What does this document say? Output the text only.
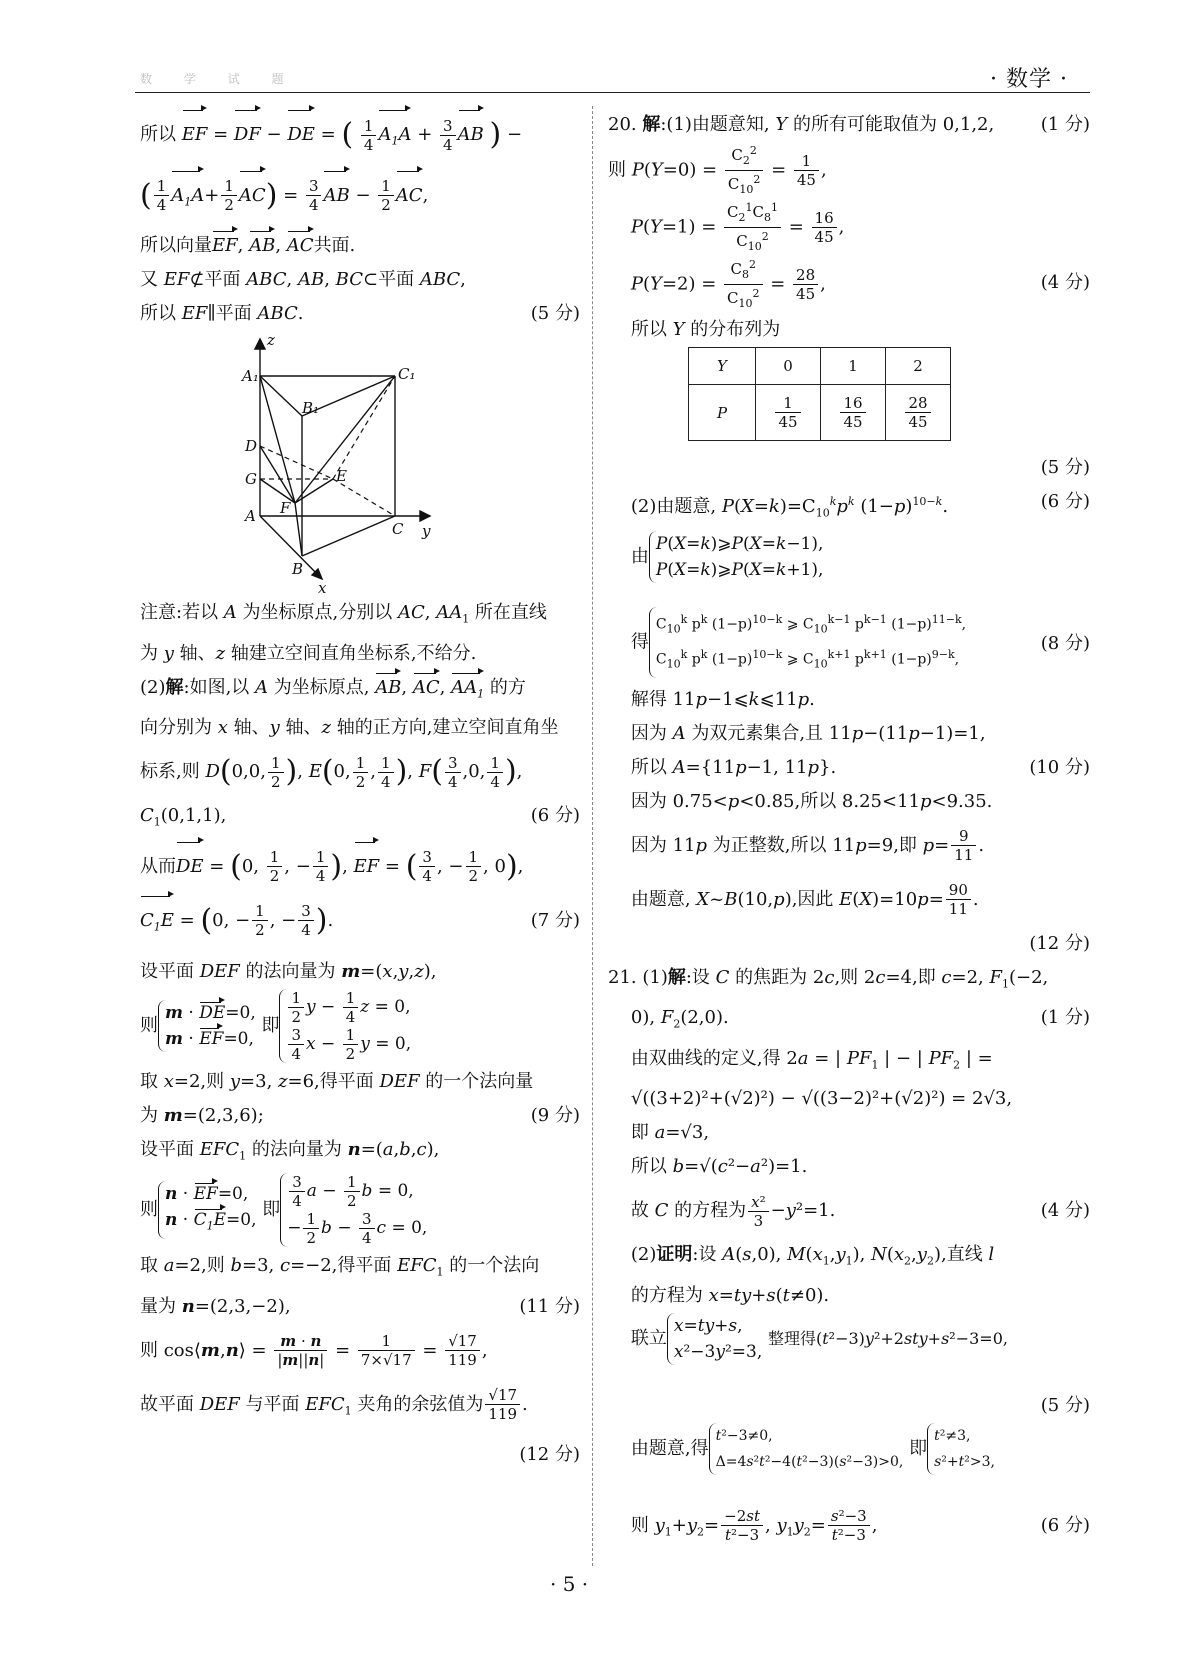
数 学 试 题	· 数学 ·
所以 EF = DF − DE = ( $\frac{1}{4} A_1A + \frac{3}{4}$ AB ) −
( $\frac{1}{4} A_1A+ \frac{1}{2} AC) = \frac{3}{4}$ AB − $\frac{1}{2}$ AC,
所以向量EF, AB, AC共面.
又 EF⊄平面 ABC, AB, BC⊂平面 ABC,
所以 EF∥平面 ABC.	(5 分)
z
A₁	C₁
B₁
D
G	E
F
A
C y
B
x
注意:若以 A 为坐标原点,分别以 AC, $AA_1$ 所在直线
为 y 轴、z 轴建立空间直角坐标系,不给分.
(2)解:如图,以 A 为坐标原点, AB, AC, $AA_1$ 的方
向分别为 x 轴、y 轴、z 轴的正方向,建立空间直角坐
标系,则 D(0,0, $\frac{1}{2}$ ), E(0, $\frac{1}{2}$ , $\frac{1}{4}$ ), $F( \frac{3}{4} ,0$, $\frac{1}{4}$ ),
$C_1(0,1,1)$,	(6 分)
从而DE = (0, $\frac{1}{2}$ , − $\frac{1}{4}$ ), EF = ( $\frac{3}{4}$ , − $\frac{1}{2}$ , 0),
$C_1E = (0$, − $\frac{1}{2}$ , − $\frac{3}{4}$ ).	(7 分)
设平面 DEF 的法向量为 m=(x,y,z),
则
m · DE=0,
m · EF=0,
即 $\frac{1}{2}$ $y - \frac{1}{4}$ z = 0,

$\frac{3}{4}$ $x - \frac{1}{2}$ y = 0,
取 x=2,则 y=3, z=6,得平面 DEF 的一个法向量
为 m=(2,3,6);	(9 分)
设平面 $EFC_1$ 的法向量为 n=(a,b,c),
则
n · EF=0,
$n \cdot C_1E=0$, 即 $\frac{3}{4}$ $a - \frac{1}{2}$ b = 0,
− $\frac{1}{2}$ $b - \frac{3}{4}$ c = 0,
取 a=2,则 b=3, c=−2,得平面 $EFC_1$ 的一个法向
量为 n=(2,3,−2),	(11 分)
则 cos⟨m,n⟩ = $\frac{m \cdot n}{|m||n|} = \frac{1}{7\times√17} = \frac{√17}{119}$ ,
故平面 DEF 与平面 $EFC_1$ 夹角的余弦值为 $\frac{√17}{119}$ .
(12 分)
20. 解:(1)由题意知, Y 的所有可能取值为 0,1,2,	(1 分)
则 $P(Y=0) = \frac{C_2^2}{C_{10}^2} = \frac{1}{45}$ ,
$P(Y=1) = \frac{C_2^1C_8^1}{C_{10}^2} = \frac{16}{45}$ ,
$P(Y=2) = \frac{C_8^2}{C_{10}^2} = \frac{28}{45}$ ,	(4 分)
所以 Y 的分布列为
Y	0	1	2
P	$\frac{1}{45}$	$\frac{16}{45}$	$\frac{28}{45}$
(5 分)
(2)由题意, $P(X=k)=C_{10}^kp^k$ $(1-p)^{10-k}$.	(6 分)
由
P(X=k)⩾P(X=k−1),
P(X=k)⩾P(X=k+1),
得
$C_{10}^k$ $p^k$ $(1-p)^{10-k}$ ⩾ $C_{10}^{k-1}$ $p^{k-1}$ $(1-p)^{11-k}$,
$C_{10}^k$ $p^k$ $(1-p)^{10-k}$ ⩾ $C_{10}^{k+1}$ $p^{k+1}$ $(1-p)^{9-k}$,
(8 分)
解得 11p−1⩽k⩽11p.
因为 A 为双元素集合,且 11p−(11p−1)=1,
所以 A={11p−1, 11p}.	(10 分)
因为 0.75<p<0.85,所以 8.25<11p<9.35.
因为 11p 为正整数,所以 11p=9,即 $p= \frac{9}{11}$ .
由题意, X~B(10,p),因此 $E(X)=10p= \frac{90}{11}$ .
(12 分)
21. (1)解:设 C 的焦距为 2c,则 2c=4,即 c=2, $F_1(-2$,
0), $F_2(2,0)$.	(1 分)
由双曲线的定义,得 2a = | $PF_1$ | − | $PF_2$ | =
√((3+2)²+(√2)²) − √((3−2)²+(√2)²) = 2√3,
即 a=√3,
所以 b=√(c²−a²)=1.
故 C 的方程为 $\frac{\text{x²}}{3} -y^2=1$.	(4 分)
(2)证明:设 A(s,0), $M(x_1,y_1)$, $N(x_2,y_2)$,直线 l
的方程为 x=ty+s(t≠0).
联立
x=ty+s,
x²−3y²=3,
整理得(t²−3)y²+2sty+s²−3=0,
(5 分)
由题意,得
t²−3≠0,
Δ=4s²t²−4(t²−3)(s²−3)>0,
即
t²≠3,
s²+t²>3,
则 $y_1+y_2= \frac{-2st}{\text{t²−3}}$ , $y_1y_2= \frac{\text{s²−3}}{\text{t²−3}}$ ,	(6 分)
· 5 ·
